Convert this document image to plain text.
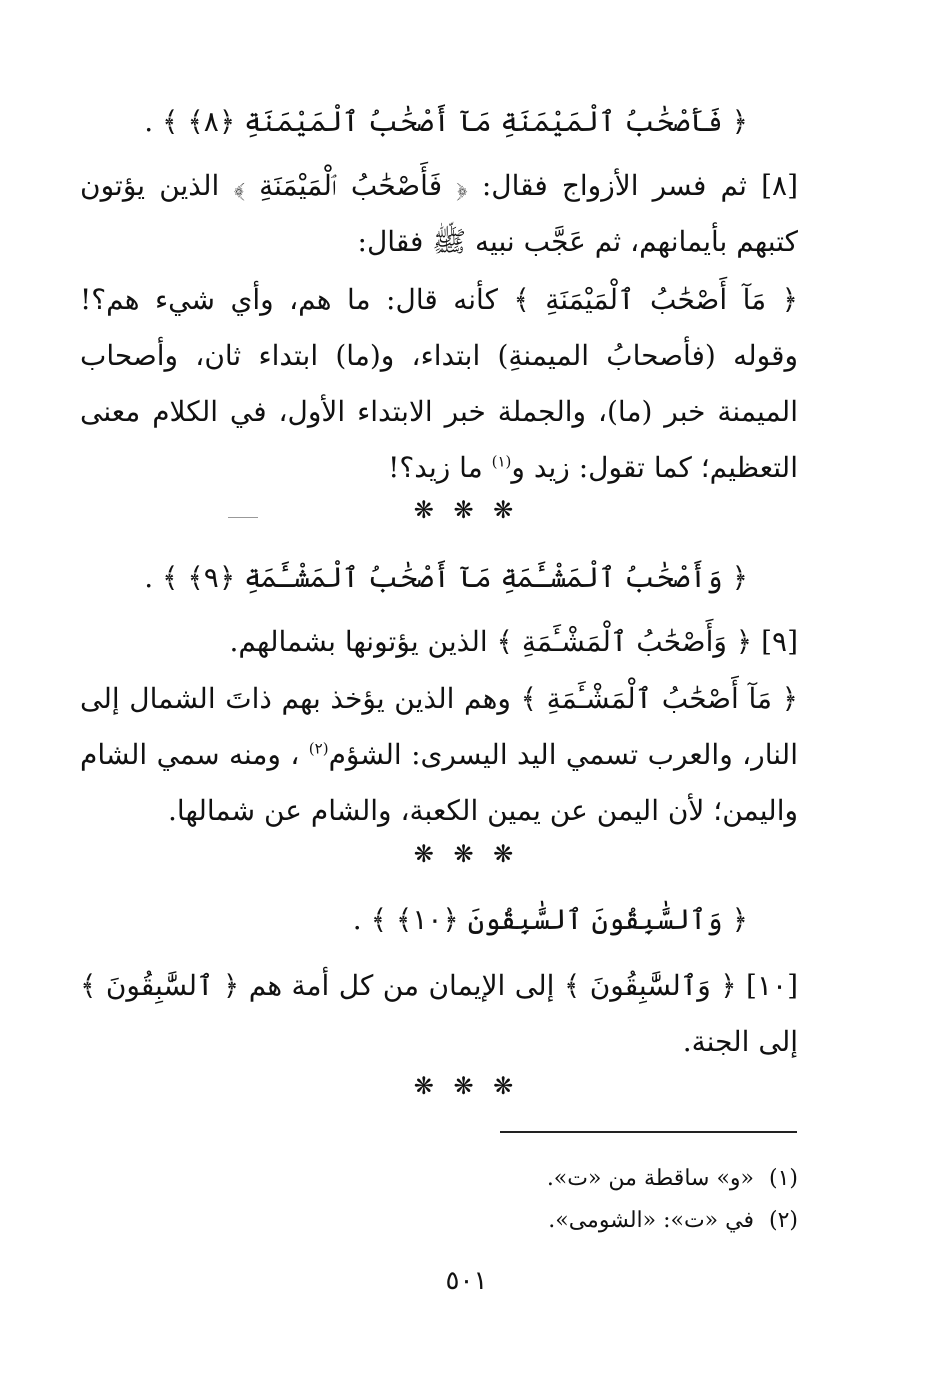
﴿ فَأَصْحَٰبُ ٱلْمَيْمَنَةِ مَآ أَصْحَٰبُ ٱلْمَيْمَنَةِ ﴿٨﴾ ﴾ .
[٨] ثم فسر الأزواج فقال: ﴿ فَأَصْحَٰبُ ٱلْمَيْمَنَةِ ﴾ الذين يؤتون كتبهم بأيمانهم، ثم عَجَّب نبيه ﷺ فقال:
﴿ مَآ أَصْحَٰبُ ٱلْمَيْمَنَةِ ﴾ كأنه قال: ما هم، وأي شيء هم؟! وقوله (فأصحابُ الميمنةِ) ابتداء، و(ما) ابتداء ثان، وأصحاب الميمنة خبر (ما)، والجملة خبر الابتداء الأول، في الكلام معنى التعظيم؛ كما تقول: زيد و$^{(١)}$ ما زيد؟!
❋ ❋ ❋
﴿ وَأَصْحَٰبُ ٱلْمَشْـَٔمَةِ مَآ أَصْحَٰبُ ٱلْمَشْـَٔمَةِ ﴿٩﴾ ﴾ .
[٩] ﴿ وَأَصْحَٰبُ ٱلْمَشْـَٔمَةِ ﴾ الذين يؤتونها بشمالهم.
﴿ مَآ أَصْحَٰبُ ٱلْمَشْـَٔمَةِ ﴾ وهم الذين يؤخذ بهم ذاتَ الشمال إلى النار، والعرب تسمي اليد اليسرى: الشؤم$^{(٢)}$ ، ومنه سمي الشام واليمن؛ لأن اليمن عن يمين الكعبة، والشام عن شمالها.
❋ ❋ ❋
﴿ وَٱلسَّٰبِقُونَ ٱلسَّٰبِقُونَ ﴿١٠﴾ ﴾ .
[١٠] ﴿ وَٱلسَّٰبِقُونَ ﴾ إلى الإيمان من كل أمة هم ﴿ ٱلسَّٰبِقُونَ ﴾ إلى الجنة.
❋ ❋ ❋
(١)«و» ساقطة من «ت».
(٢)في «ت»: «الشومى».
٥٠١
